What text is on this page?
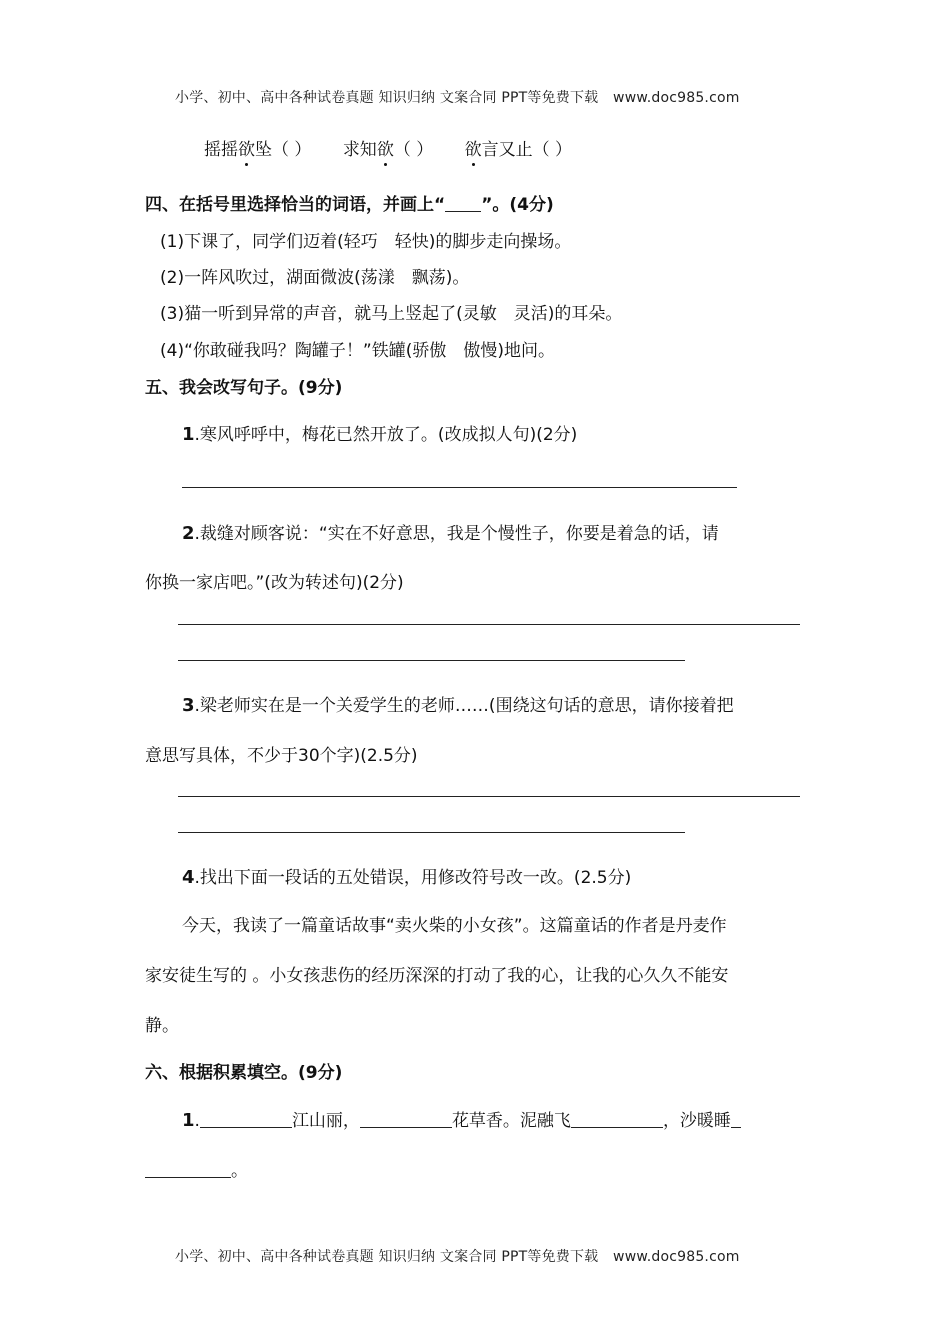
小学、初中、高中各种试卷真题 知识归纳 文案合同 PPT等免费下载 www.doc985.com
摇摇欲坠（ ） 求知欲（ ） 欲言又止（ ）
四、在括号里选择恰当的词语，并画上“ ”。(4分)
(1)下课了，同学们迈着(轻巧　轻快)的脚步走向操场。
(2)一阵风吹过，湖面微波(荡漾　飘荡)。
(3)猫一听到异常的声音，就马上竖起了(灵敏　灵活)的耳朵。
(4)“你敢碰我吗？陶罐子！”铁罐(骄傲　傲慢)地问。
五、我会改写句子。(9分)
1.寒风呼呼中，梅花已然开放了。(改成拟人句)(2分)
2.裁缝对顾客说：“实在不好意思，我是个慢性子，你要是着急的话，请
你换一家店吧。”(改为转述句)(2分)
3.梁老师实在是一个关爱学生的老师……(围绕这句话的意思，请你接着把
意思写具体，不少于30个字)(2.5分)
4.找出下面一段话的五处错误，用修改符号改一改。(2.5分)
今天，我读了一篇童话故事“卖火柴的小女孩”。这篇童话的作者是丹麦作
家安徒生写的 。小女孩悲伤的经历深深的打动了我的心，让我的心久久不能安
静。
六、根据积累填空。(9分)
1.	江山丽，	花草香。泥融飞	，沙暖睡
。
小学、初中、高中各种试卷真题 知识归纳 文案合同 PPT等免费下载 www.doc985.com
